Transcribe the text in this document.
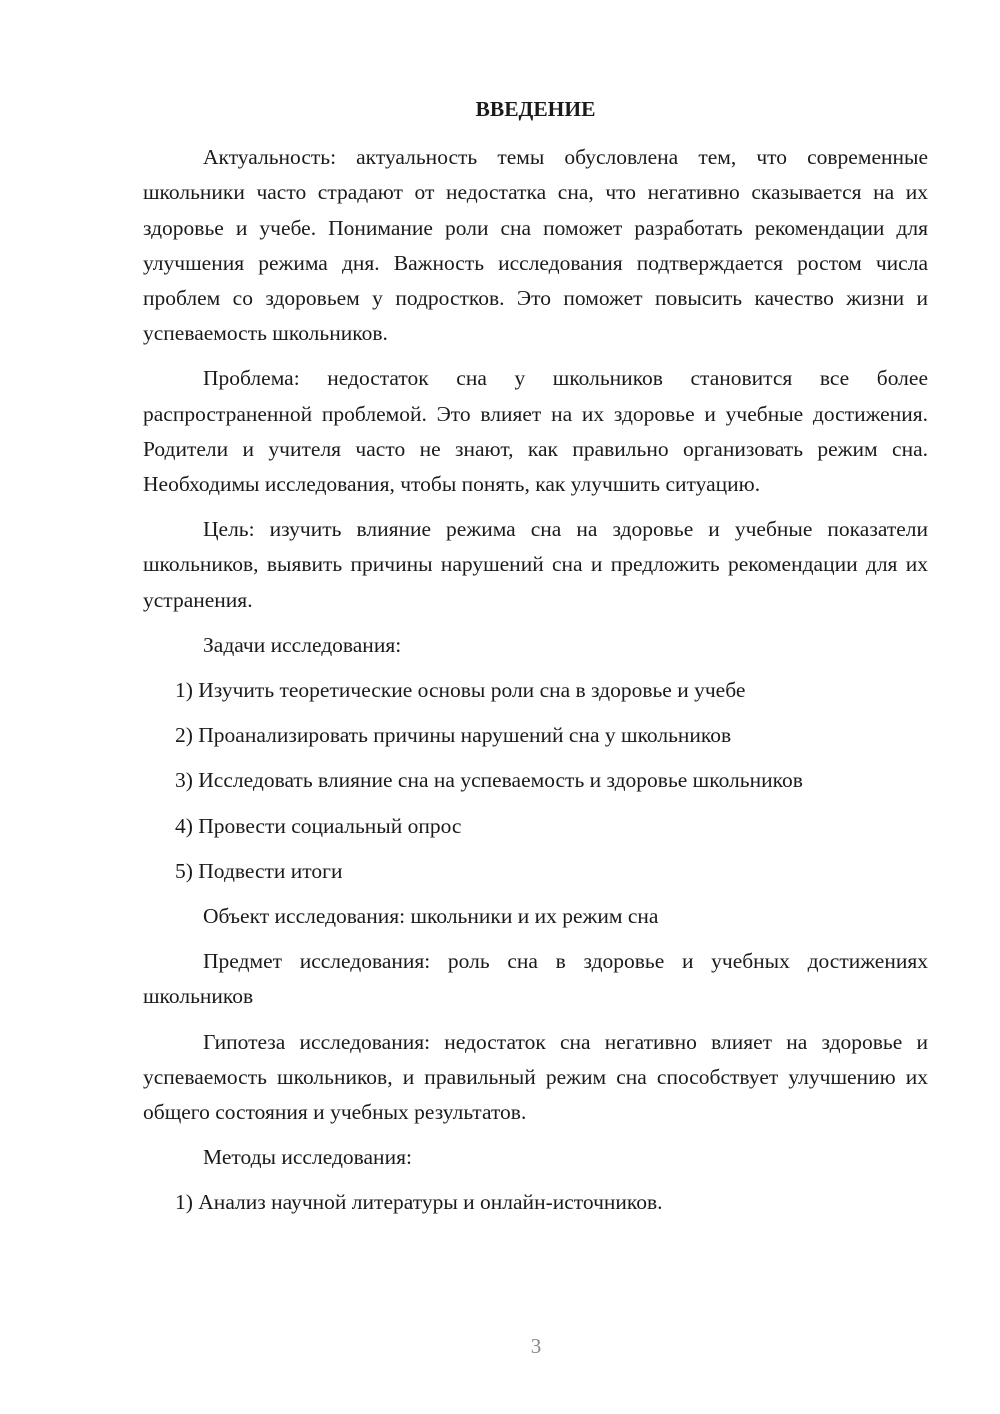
ВВЕДЕНИЕ

Актуальность: актуальность темы обусловлена тем, что современные школьники часто страдают от недостатка сна, что негативно сказывается на их здоровье и учебе. Понимание роли сна поможет разработать рекомендации для улучшения режима дня. Важность исследования подтверждается ростом числа проблем со здоровьем у подростков. Это поможет повысить качество жизни и успеваемость школьников.

Проблема: недостаток сна у школьников становится все более распространенной проблемой. Это влияет на их здоровье и учебные достижения. Родители и учителя часто не знают, как правильно организовать режим сна. Необходимы исследования, чтобы понять, как улучшить ситуацию.

Цель: изучить влияние режима сна на здоровье и учебные показатели школьников, выявить причины нарушений сна и предложить рекомендации для их устранения.

Задачи исследования:

1) Изучить теоретические основы роли сна в здоровье и учебе

2) Проанализировать причины нарушений сна у школьников

3) Исследовать влияние сна на успеваемость и здоровье школьников

4) Провести социальный опрос

5) Подвести итоги

Объект исследования: школьники и их режим сна

Предмет исследования: роль сна в здоровье и учебных достижениях школьников

Гипотеза исследования: недостаток сна негативно влияет на здоровье и успеваемость школьников, и правильный режим сна способствует улучшению их общего состояния и учебных результатов.

Методы исследования:

1) Анализ научной литературы и онлайн-источников.

3
